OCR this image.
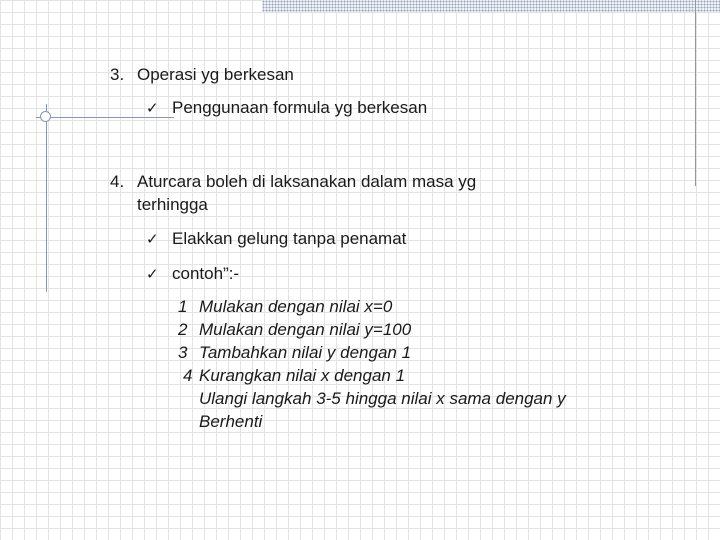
3. Operasi yg berkesan
✓ Penggunaan formula yg berkesan
4. Aturcara boleh di laksanakan dalam masa yg
terhingga
✓ Elakkan gelung tanpa penamat
✓ contoh”:-
1 Mulakan dengan nilai x=0
2 Mulakan dengan nilai y=100
3 Tambahkan nilai y dengan 1
4 Kurangkan nilai x dengan 1
Ulangi langkah 3-5 hingga nilai x sama dengan y
Berhenti
